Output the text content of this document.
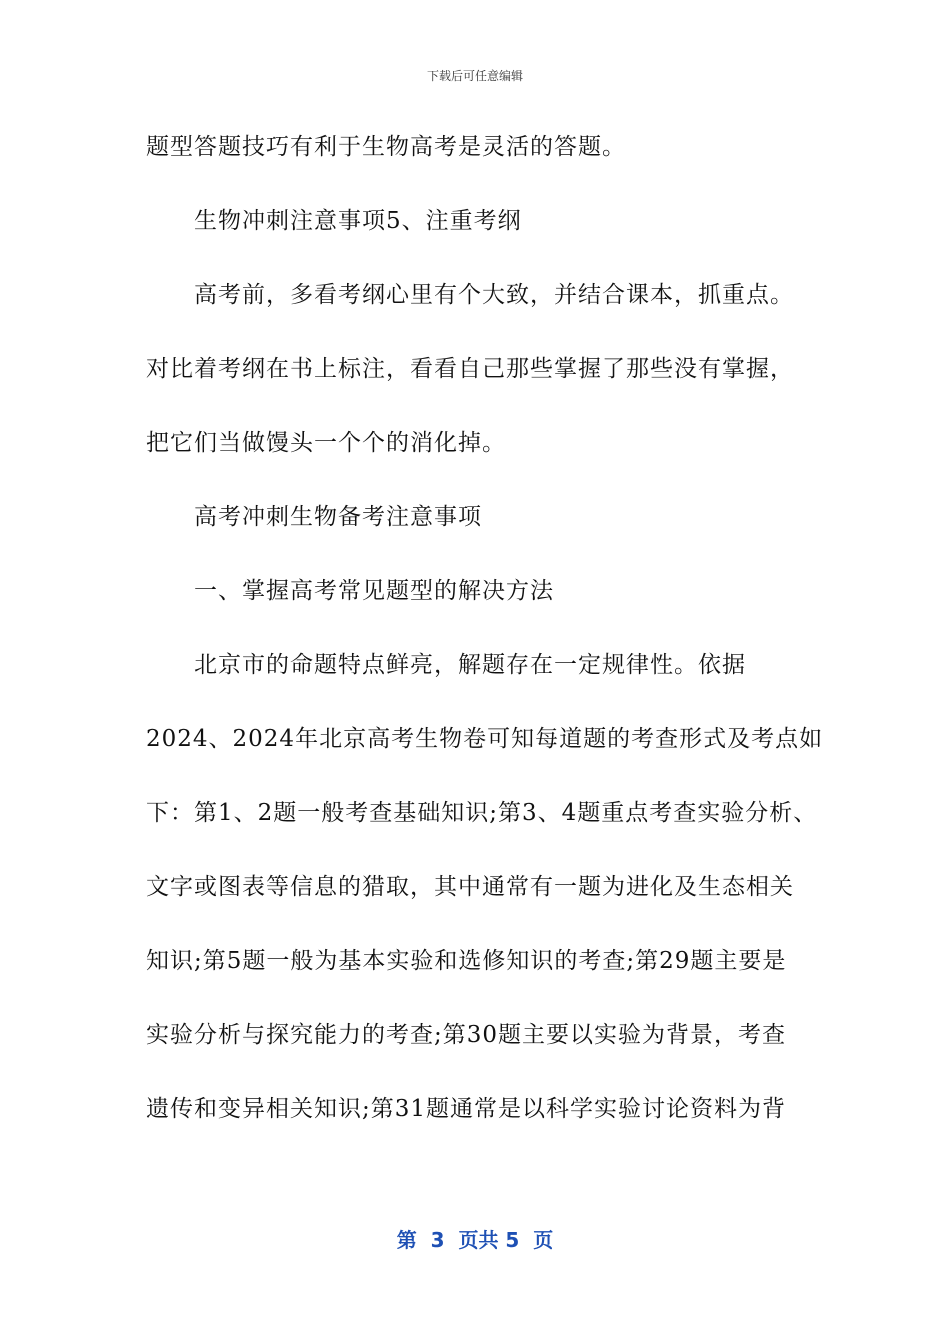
下载后可任意编辑
题型答题技巧有利于生物高考是灵活的答题。
生物冲刺注意事项5、注重考纲
高考前，多看考纲心里有个大致，并结合课本，抓重点。
对比着考纲在书上标注，看看自己那些掌握了那些没有掌握，
把它们当做馒头一个个的消化掉。
高考冲刺生物备考注意事项
一、掌握高考常见题型的解决方法
北京市的命题特点鲜亮，解题存在一定规律性。依据
2024、2024年北京高考生物卷可知每道题的考查形式及考点如
下：第1、2题一般考查基础知识;第3、4题重点考查实验分析、
文字或图表等信息的猎取，其中通常有一题为进化及生态相关
知识;第5题一般为基本实验和选修知识的考查;第29题主要是
实验分析与探究能力的考查;第30题主要以实验为背景，考查
遗传和变异相关知识;第31题通常是以科学实验讨论资料为背
第  3  页共 5  页
